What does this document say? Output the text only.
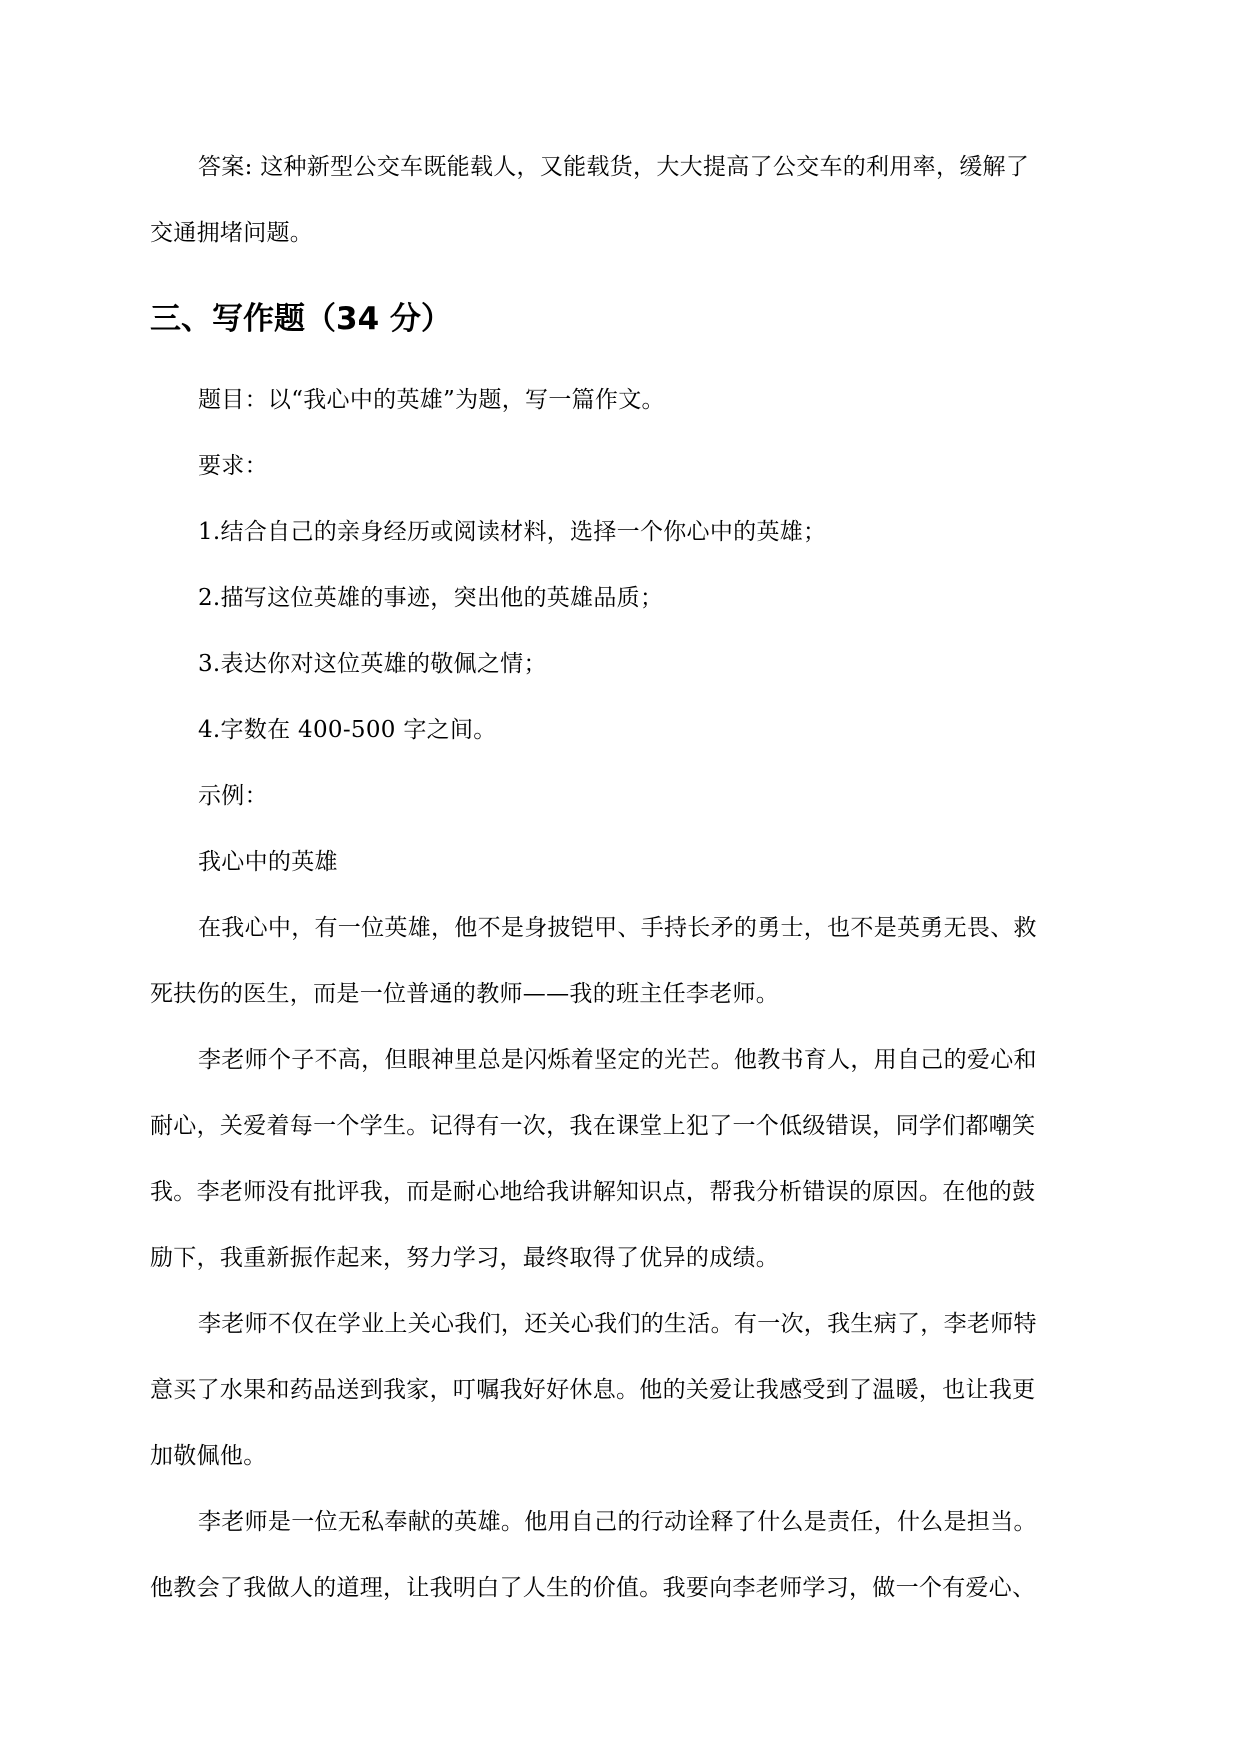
答案: 这种新型公交车既能载人，又能载货，大大提高了公交车的利用率，缓解了
交通拥堵问题。
三、写作题（34 分）
题目：以“我心中的英雄”为题，写一篇作文。
要求：
1.结合自己的亲身经历或阅读材料，选择一个你心中的英雄；
2.描写这位英雄的事迹，突出他的英雄品质；
3.表达你对这位英雄的敬佩之情；
4.字数在 400-500 字之间。
示例：
我心中的英雄
在我心中，有一位英雄，他不是身披铠甲、手持长矛的勇士，也不是英勇无畏、救
死扶伤的医生，而是一位普通的教师——我的班主任李老师。
李老师个子不高，但眼神里总是闪烁着坚定的光芒。他教书育人，用自己的爱心和
耐心，关爱着每一个学生。记得有一次，我在课堂上犯了一个低级错误，同学们都嘲笑
我。李老师没有批评我，而是耐心地给我讲解知识点，帮我分析错误的原因。在他的鼓
励下，我重新振作起来，努力学习，最终取得了优异的成绩。
李老师不仅在学业上关心我们，还关心我们的生活。有一次，我生病了，李老师特
意买了水果和药品送到我家，叮嘱我好好休息。他的关爱让我感受到了温暖，也让我更
加敬佩他。
李老师是一位无私奉献的英雄。他用自己的行动诠释了什么是责任，什么是担当。
他教会了我做人的道理，让我明白了人生的价值。我要向李老师学习，做一个有爱心、
